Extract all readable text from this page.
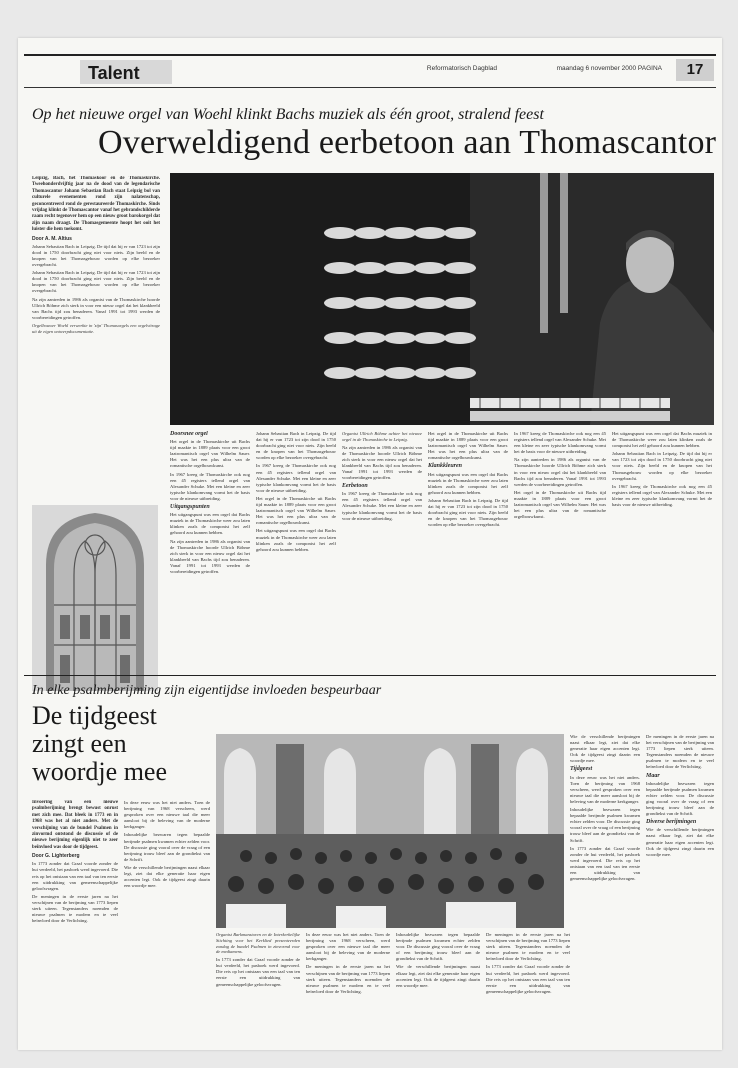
Talent	Reformatorisch Dagblad	maandag 6 november 2000 PAGINA	17
Op het nieuwe orgel van Woehl klinkt Bachs muziek als één groot, stralend feest
Overweldigend eerbetoon aan Thomascantor

Leipzig, Bach, het Thomaskoor en de Thomaskirche. Tweehonderdvijftig jaar na de dood van de legendarische Thomascantor Johann Sebastian Bach staat Leipzig bol van culturele evenementen rond zijn nalatenschap, geconcentreerd rond de gerestaureerde Thomaskirche. Sinds vrijdag klinkt de Thomascantor vanaf het gebrandschilderde raam recht tegenover hem op een nieuw groot barokorgel dat zijn naam draagt. De Thomasgemeente hoopt het ooit het luister die hem toekomt.

Door A. M. Altius

Johann Sebastian Bach in Leipzig. De tijd dat hij er van 1723 tot zijn dood in 1750 doorbracht ging niet voor niets. Zijn beeld en de knopen van het Thomasgebouw worden op elke bezoeker overgebracht.

Johann Sebastian Bach in Leipzig. De tijd dat hij er van 1723 tot zijn dood in 1750 doorbracht ging niet voor niets. Zijn beeld en de knopen van het Thomasgebouw worden op elke bezoeker overgebracht.

Na zijn aantreden in 1986 als organist van de Thomaskirche hoorde Ullrich Böhme zich sterk in voor een nieuw orgel dat het klankbeeld van Bachs tijd zou benaderen. Vanaf 1991 tot 1993 werden de voorbereidingen getroffen.

Orgelbouwer Woehl verwerkte in 'zijn' Thomasorgels een orgelvitrage uit de eigen ontwerpdocumentatie.

Doorsnee orgel

Het orgel in de Thomaskirche uit Bachs tijd maakte in 1889 plaats voor een groot laatromantisch orgel van Wilhelm Sauer. Het was het een plus ultra van de romantische orgelbouwkunst.

In 1967 kreeg de Thomaskirche ook nog een 45 registers tellend orgel van Alexander Schuke. Met een kleine en zeer typische klankomvang vormt het de basis voor de nieuwe uitbreiding.

Uitgangspunten

Het uitgangspunt was een orgel dat Bachs muziek in de Thomaskirche weer zou laten klinken zoals de componist het zelf gehoord zou kunnen hebben.

Na zijn aantreden in 1986 als organist van de Thomaskirche hoorde Ullrich Böhme zich sterk in voor een nieuw orgel dat het klankbeeld van Bachs tijd zou benaderen. Vanaf 1991 tot 1993 werden de voorbereidingen getroffen.

Johann Sebastian Bach in Leipzig. De tijd dat hij er van 1723 tot zijn dood in 1750 doorbracht ging niet voor niets. Zijn beeld en de knopen van het Thomasgebouw worden op elke bezoeker overgebracht.

In 1967 kreeg de Thomaskirche ook nog een 45 registers tellend orgel van Alexander Schuke. Met een kleine en zeer typische klankomvang vormt het de basis voor de nieuwe uitbreiding.

Het orgel in de Thomaskirche uit Bachs tijd maakte in 1889 plaats voor een groot laatromantisch orgel van Wilhelm Sauer. Het was het een plus ultra van de romantische orgelbouwkunst.

Het uitgangspunt was een orgel dat Bachs muziek in de Thomaskirche weer zou laten klinken zoals de componist het zelf gehoord zou kunnen hebben.

Organist Ullrich Böhme achter het nieuwe orgel in de Thomaskirche in Leipzig.

Na zijn aantreden in 1986 als organist van de Thomaskirche hoorde Ullrich Böhme zich sterk in voor een nieuw orgel dat het klankbeeld van Bachs tijd zou benaderen. Vanaf 1991 tot 1993 werden de voorbereidingen getroffen.

Eerbetoon

In 1967 kreeg de Thomaskirche ook nog een 45 registers tellend orgel van Alexander Schuke. Met een kleine en zeer typische klankomvang vormt het de basis voor de nieuwe uitbreiding.

Het orgel in de Thomaskirche uit Bachs tijd maakte in 1889 plaats voor een groot laatromantisch orgel van Wilhelm Sauer. Het was het een plus ultra van de romantische orgelbouwkunst.

Klankkleuren

Het uitgangspunt was een orgel dat Bachs muziek in de Thomaskirche weer zou laten klinken zoals de componist het zelf gehoord zou kunnen hebben.

Johann Sebastian Bach in Leipzig. De tijd dat hij er van 1723 tot zijn dood in 1750 doorbracht ging niet voor niets. Zijn beeld en de knopen van het Thomasgebouw worden op elke bezoeker overgebracht.

In 1967 kreeg de Thomaskirche ook nog een 45 registers tellend orgel van Alexander Schuke. Met een kleine en zeer typische klankomvang vormt het de basis voor de nieuwe uitbreiding.

Na zijn aantreden in 1986 als organist van de Thomaskirche hoorde Ullrich Böhme zich sterk in voor een nieuw orgel dat het klankbeeld van Bachs tijd zou benaderen. Vanaf 1991 tot 1993 werden de voorbereidingen getroffen.

Het orgel in de Thomaskirche uit Bachs tijd maakte in 1889 plaats voor een groot laatromantisch orgel van Wilhelm Sauer. Het was het een plus ultra van de romantische orgelbouwkunst.

Het uitgangspunt was een orgel dat Bachs muziek in de Thomaskirche weer zou laten klinken zoals de componist het zelf gehoord zou kunnen hebben.

Johann Sebastian Bach in Leipzig. De tijd dat hij er van 1723 tot zijn dood in 1750 doorbracht ging niet voor niets. Zijn beeld en de knopen van het Thomasgebouw worden op elke bezoeker overgebracht.

In 1967 kreeg de Thomaskirche ook nog een 45 registers tellend orgel van Alexander Schuke. Met een kleine en zeer typische klankomvang vormt het de basis voor de nieuwe uitbreiding.

In elke psalmberijming zijn eigentijdse invloeden bespeurbaar
De tijdgeest zingt een woordje mee

Invoering van een nieuwe psalmberijming brengt bewust onrust met zich mee. Dat bleek in 1773 en in 1968 was het al niet anders. Met de verschijning van de bundel Psalmen in zinvormd ontstond de discussie of de nieuwe berijming eigenlijk niet te zeer beïnvloed was door de tijdgeest.

Door G. Lighterberg

In 1773 zonder dat Graaf voorde zonder de hui verdeeld, het pasboek werd ingevoerd. Die reis op het ontstaan van een taal van ten eerste een uitdrukking van gemeenschappelijke geloofsvragen.

De meningen in de eerste jaren na het verschijnen van de berijming van 1773 liepen sterk uiteen. Tegenstanders noemden de nieuwe psalmen te modern en te veel beïnvloed door de Verlichting.

In deze eeuw was het niet anders. Toen de berijming van 1968 verscheen, werd gesproken over een nieuwe taal die meer aansloot bij de beleving van de moderne kerkganger.

Inhoudelijke bezwaren tegen bepaalde berijmde psalmen kwamen echter zelden voor. De discussie ging vooral over de vraag of een berijming trouw bleef aan de grondtekst van de Schrift.

Wie de verschillende berijmingen naast elkaar legt, ziet dat elke generatie haar eigen accenten legt. Ook de tijdgeest zingt daarin een woordje mee.

Organist Barkmanstoren en de Interkerkelijke Stichting voor het Kerklied presenteerden zondag de bundel Psalmen in zinvormd voor de mediamens.

In 1773 zonder dat Graaf voorde zonder de hui verdeeld, het pasboek werd ingevoerd. Die reis op het ontstaan van een taal van ten eerste een uitdrukking van gemeenschappelijke geloofsvragen.

In deze eeuw was het niet anders. Toen de berijming van 1968 verscheen, werd gesproken over een nieuwe taal die meer aansloot bij de beleving van de moderne kerkganger.

De meningen in de eerste jaren na het verschijnen van de berijming van 1773 liepen sterk uiteen. Tegenstanders noemden de nieuwe psalmen te modern en te veel beïnvloed door de Verlichting.

Inhoudelijke bezwaren tegen bepaalde berijmde psalmen kwamen echter zelden voor. De discussie ging vooral over de vraag of een berijming trouw bleef aan de grondtekst van de Schrift.

Wie de verschillende berijmingen naast elkaar legt, ziet dat elke generatie haar eigen accenten legt. Ook de tijdgeest zingt daarin een woordje mee.

De meningen in de eerste jaren na het verschijnen van de berijming van 1773 liepen sterk uiteen. Tegenstanders noemden de nieuwe psalmen te modern en te veel beïnvloed door de Verlichting.

In 1773 zonder dat Graaf voorde zonder de hui verdeeld, het pasboek werd ingevoerd. Die reis op het ontstaan van een taal van ten eerste een uitdrukking van gemeenschappelijke geloofsvragen.

Wie de verschillende berijmingen naast elkaar legt, ziet dat elke generatie haar eigen accenten legt. Ook de tijdgeest zingt daarin een woordje mee.

Tijdgeest

In deze eeuw was het niet anders. Toen de berijming van 1968 verscheen, werd gesproken over een nieuwe taal die meer aansloot bij de beleving van de moderne kerkganger.

Inhoudelijke bezwaren tegen bepaalde berijmde psalmen kwamen echter zelden voor. De discussie ging vooral over de vraag of een berijming trouw bleef aan de grondtekst van de Schrift.

In 1773 zonder dat Graaf voorde zonder de hui verdeeld, het pasboek werd ingevoerd. Die reis op het ontstaan van een taal van ten eerste een uitdrukking van gemeenschappelijke geloofsvragen.

De meningen in de eerste jaren na het verschijnen van de berijming van 1773 liepen sterk uiteen. Tegenstanders noemden de nieuwe psalmen te modern en te veel beïnvloed door de Verlichting.

Maar

Inhoudelijke bezwaren tegen bepaalde berijmde psalmen kwamen echter zelden voor. De discussie ging vooral over de vraag of een berijming trouw bleef aan de grondtekst van de Schrift.

Diverse berijmingen

Wie de verschillende berijmingen naast elkaar legt, ziet dat elke generatie haar eigen accenten legt. Ook de tijdgeest zingt daarin een woordje mee.
